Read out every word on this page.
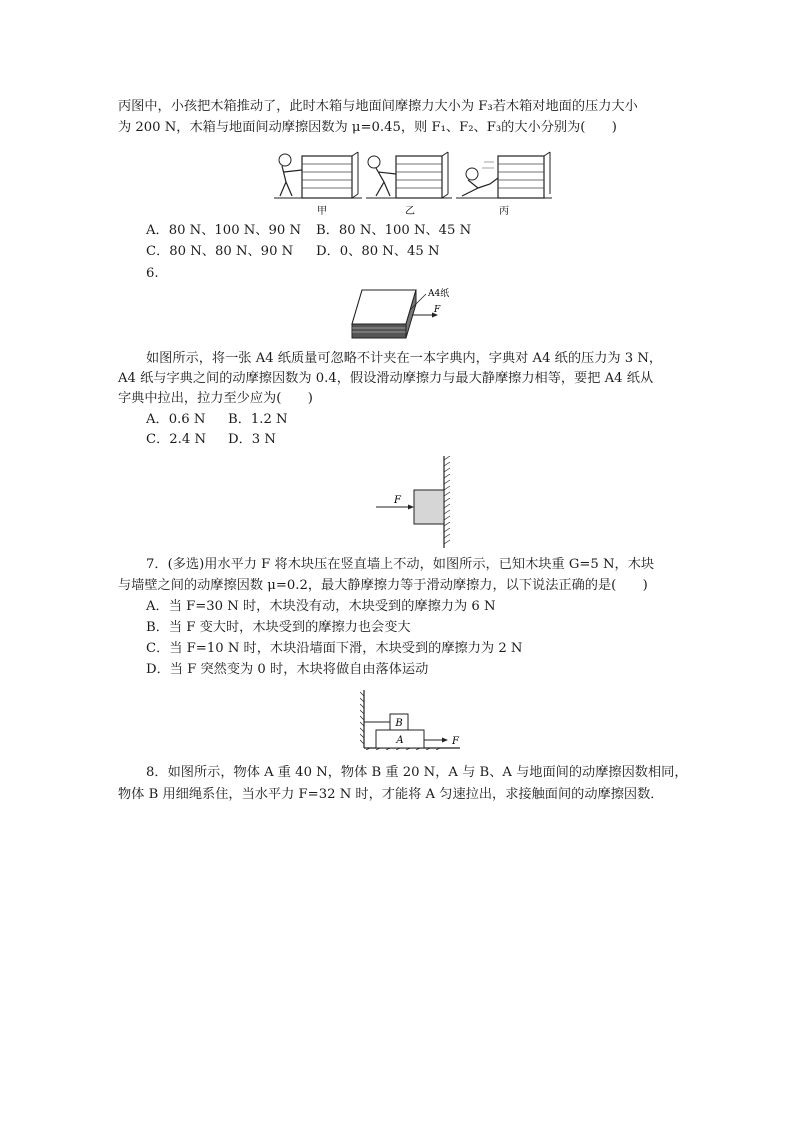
丙图中，小孩把木箱推动了，此时木箱与地面间摩擦力大小为 F₃若木箱对地面的压力大小
为 200 N，木箱与地面间动摩擦因数为 μ=0.45，则 F₁、F₂、F₃的大小分别为(　　)
甲	乙	丙
A．80 N、100 N、90 N B．80 N、100 N、45 N
C．80 N、80 N、90 N D．0、80 N、45 N
6.
A4纸
F
如图所示，将一张 A4 纸质量可忽略不计夹在一本字典内，字典对 A4 纸的压力为 3 N，
A4 纸与字典之间的动摩擦因数为 0.4，假设滑动摩擦力与最大静摩擦力相等，要把 A4 纸从
字典中拉出，拉力至少应为(　　)
A．0.6 N B．1.2 N
C．2.4 N D．3 N
F
7．(多选)用水平力 F 将木块压在竖直墙上不动，如图所示，已知木块重 G=5 N，木块
与墙壁之间的动摩擦因数 μ=0.2，最大静摩擦力等于滑动摩擦力，以下说法正确的是(　　)
A．当 F=30 N 时，木块没有动，木块受到的摩擦力为 6 N
B．当 F 变大时，木块受到的摩擦力也会变大
C．当 F=10 N 时，木块沿墙面下滑，木块受到的摩擦力为 2 N
D．当 F 突然变为 0 时，木块将做自由落体运动
B
A	F
8．如图所示，物体 A 重 40 N，物体 B 重 20 N，A 与 B、A 与地面间的动摩擦因数相同，
物体 B 用细绳系住，当水平力 F=32 N 时，才能将 A 匀速拉出，求接触面间的动摩擦因数．
